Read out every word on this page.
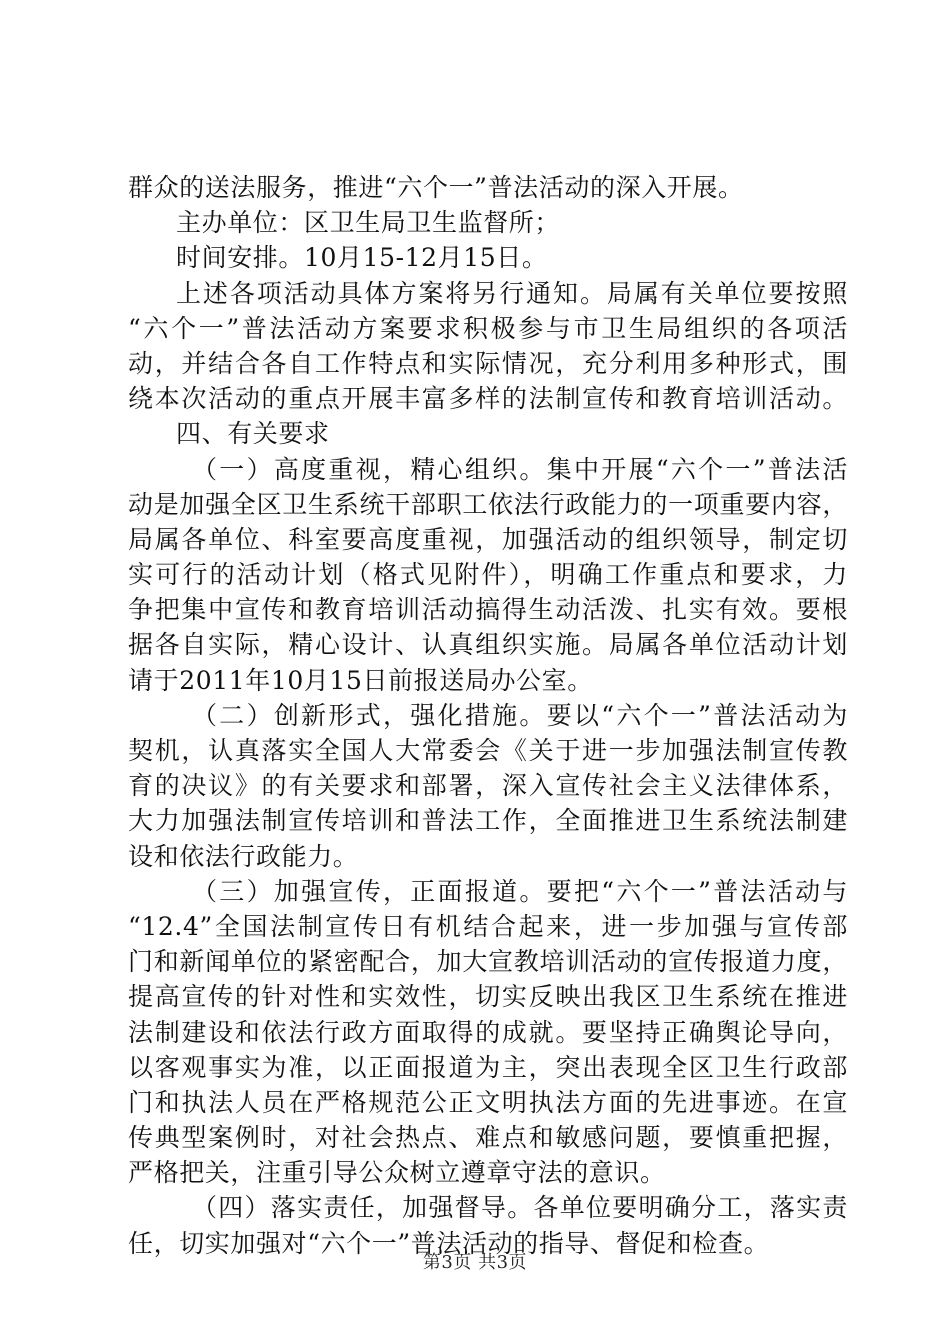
群众的送法服务，推进“六个一”普法活动的深入开展。
主办单位：区卫生局卫生监督所；
时间安排。10月15-12月15日。
上述各项活动具体方案将另行通知。局属有关单位要按照
“六个一”普法活动方案要求积极参与市卫生局组织的各项活
动，并结合各自工作特点和实际情况，充分利用多种形式，围
绕本次活动的重点开展丰富多样的法制宣传和教育培训活动。
四、有关要求
（一）高度重视，精心组织。集中开展“六个一”普法活
动是加强全区卫生系统干部职工依法行政能力的一项重要内容，
局属各单位、科室要高度重视，加强活动的组织领导，制定切
实可行的活动计划（格式见附件），明确工作重点和要求，力
争把集中宣传和教育培训活动搞得生动活泼、扎实有效。要根
据各自实际，精心设计、认真组织实施。局属各单位活动计划
请于2011年10月15日前报送局办公室。
（二）创新形式，强化措施。要以“六个一”普法活动为
契机，认真落实全国人大常委会《关于进一步加强法制宣传教
育的决议》的有关要求和部署，深入宣传社会主义法律体系，
大力加强法制宣传培训和普法工作，全面推进卫生系统法制建
设和依法行政能力。
（三）加强宣传，正面报道。要把“六个一”普法活动与
“12.4”全国法制宣传日有机结合起来，进一步加强与宣传部
门和新闻单位的紧密配合，加大宣教培训活动的宣传报道力度，
提高宣传的针对性和实效性，切实反映出我区卫生系统在推进
法制建设和依法行政方面取得的成就。要坚持正确舆论导向，
以客观事实为准，以正面报道为主，突出表现全区卫生行政部
门和执法人员在严格规范公正文明执法方面的先进事迹。在宣
传典型案例时，对社会热点、难点和敏感问题，要慎重把握，
严格把关，注重引导公众树立遵章守法的意识。
（四）落实责任，加强督导。各单位要明确分工，落实责
任，切实加强对“六个一”普法活动的指导、督促和检查。
第3页 共3页
